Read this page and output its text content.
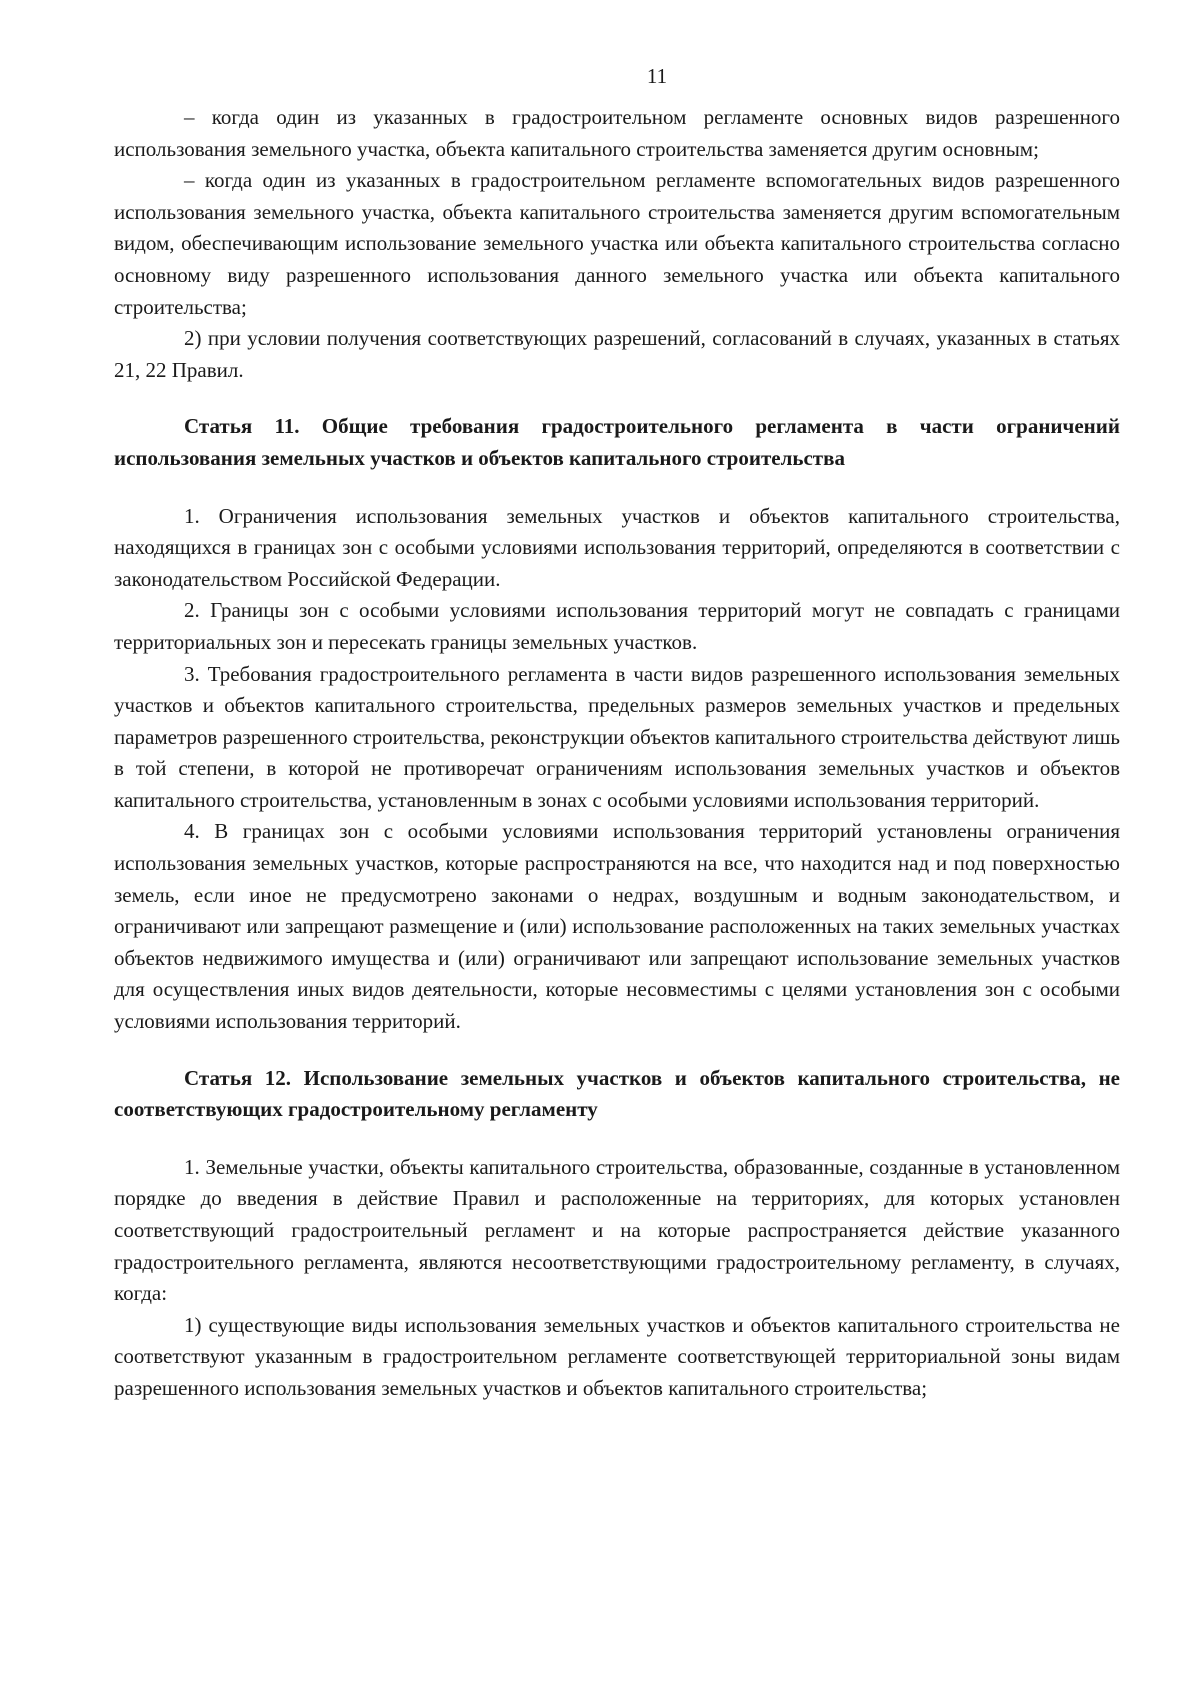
11

– когда один из указанных в градостроительном регламенте основных видов разрешенного использования земельного участка, объекта капитального строительства заменяется другим основным;

– когда один из указанных в градостроительном регламенте вспомогательных видов разрешенного использования земельного участка, объекта капитального строительства заменяется другим вспомогательным видом, обеспечивающим использование земельного участка или объекта капитального строительства согласно основному виду разрешенного использования данного земельного участка или объекта капитального строительства;

2) при условии получения соответствующих разрешений, согласований в случаях, указанных в статьях 21, 22 Правил.

Статья 11. Общие требования градостроительного регламента в части ограничений использования земельных участков и объектов капитального строительства

1. Ограничения использования земельных участков и объектов капитального строительства, находящихся в границах зон с особыми условиями использования территорий, определяются в соответствии с законодательством Российской Федерации.

2. Границы зон с особыми условиями использования территорий могут не совпадать с границами территориальных зон и пересекать границы земельных участков.

3. Требования градостроительного регламента в части видов разрешенного использования земельных участков и объектов капитального строительства, предельных размеров земельных участков и предельных параметров разрешенного строительства, реконструкции объектов капитального строительства действуют лишь в той степени, в которой не противоречат ограничениям использования земельных участков и объектов капитального строительства, установленным в зонах с особыми условиями использования территорий.

4. В границах зон с особыми условиями использования территорий установлены ограничения использования земельных участков, которые распространяются на все, что находится над и под поверхностью земель, если иное не предусмотрено законами о недрах, воздушным и водным законодательством, и ограничивают или запрещают размещение и (или) использование расположенных на таких земельных участках объектов недвижимого имущества и (или) ограничивают или запрещают использование земельных участков для осуществления иных видов деятельности, которые несовместимы с целями установления зон с особыми условиями использования территорий.

Статья 12. Использование земельных участков и объектов капитального строительства, не соответствующих градостроительному регламенту

1. Земельные участки, объекты капитального строительства, образованные, созданные в установленном порядке до введения в действие Правил и расположенные на территориях, для которых установлен соответствующий градостроительный регламент и на которые распространяется действие указанного градостроительного регламента, являются несоответствующими градостроительному регламенту, в случаях, когда:

1) существующие виды использования земельных участков и объектов капитального строительства не соответствуют указанным в градостроительном регламенте соответствующей территориальной зоны видам разрешенного использования земельных участков и объектов капитального строительства;
